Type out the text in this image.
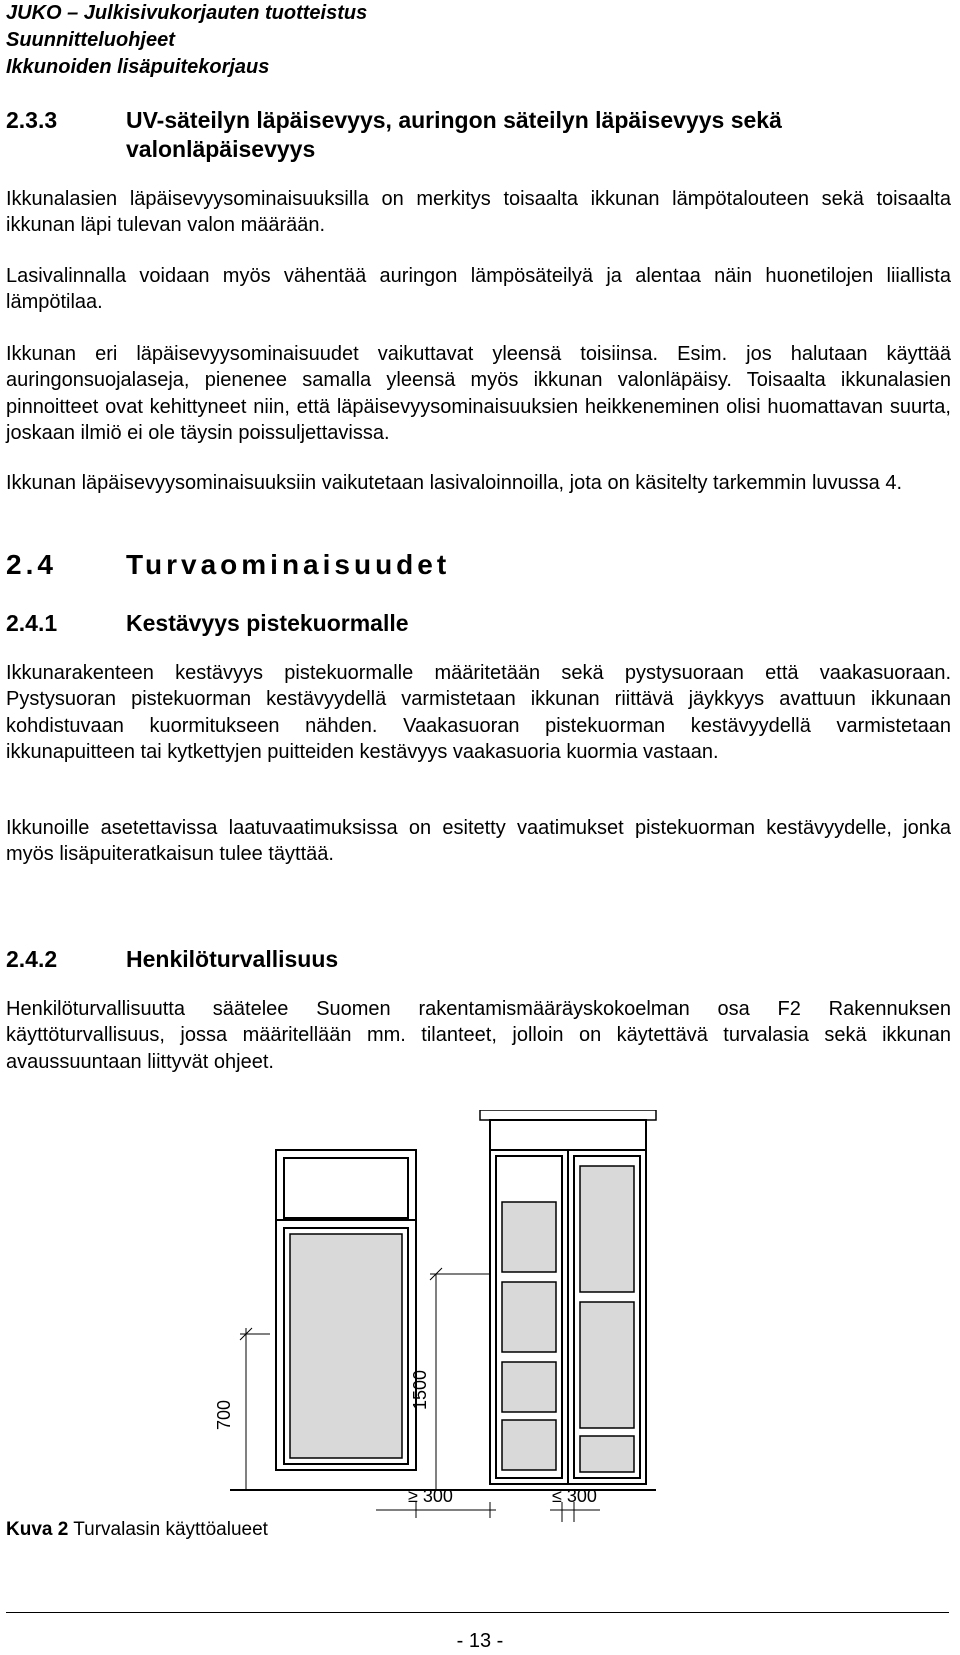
JUKO – Julkisivukorjauten tuotteistus
Suunnitteluohjeet
Ikkunoiden lisäpuitekorjaus
2.3.3	UV-säteilyn läpäisevyys, auringon säteilyn läpäisevyys sekä
valonläpäisevyys

Ikkunalasien läpäisevyysominaisuuksilla on merkitys toisaalta ikkunan lämpötalouteen sekä toisaalta ikkunan läpi tulevan valon määrään.

Lasivalinnalla voidaan myös vähentää auringon lämpösäteilyä ja alentaa näin huonetilojen liiallista lämpötilaa.

Ikkunan eri läpäisevyysominaisuudet vaikuttavat yleensä toisiinsa. Esim. jos halutaan käyttää auringonsuojalaseja, pienenee samalla yleensä myös ikkunan valonläpäisy. Toisaalta ikkunalasien pinnoitteet ovat kehittyneet niin, että läpäisevyysominaisuuksien heikkeneminen olisi huomattavan suurta, joskaan ilmiö ei ole täysin poissuljettavissa.

Ikkunan läpäisevyysominaisuuksiin vaikutetaan lasivaloinnoilla, jota on käsitelty tarkemmin luvussa 4.

2.4 Turvaominaisuudet
2.4.1	Kestävyys pistekuormalle

Ikkunarakenteen kestävyys pistekuormalle määritetään sekä pystysuoraan että vaakasuoraan. Pystysuoran pistekuorman kestävyydellä varmistetaan ikkunan riittävä jäykkyys avattuun ikkunaan kohdistuvaan kuormitukseen nähden. Vaakasuoran pistekuorman kestävyydellä varmistetaan ikkunapuitteen tai kytkettyjen puitteiden kestävyys vaakasuoria kuormia vastaan.

Ikkunoille asetettavissa laatuvaatimuksissa on esitetty vaatimukset pistekuorman kestävyydelle, jonka myös lisäpuiteratkaisun tulee täyttää.

2.4.2	Henkilöturvallisuus

Henkilöturvallisuutta säätelee Suomen rakentamismääräyskokoelman osa F2 Rakennuksen käyttöturvallisuus, jossa määritellään mm. tilanteet, jolloin on käytettävä turvalasia sekä ikkunan avaussuuntaan liittyvät ohjeet.

700
1500
≥ 300	≤ 300
Kuva 2 Turvalasin käyttöalueet
- 13 -
